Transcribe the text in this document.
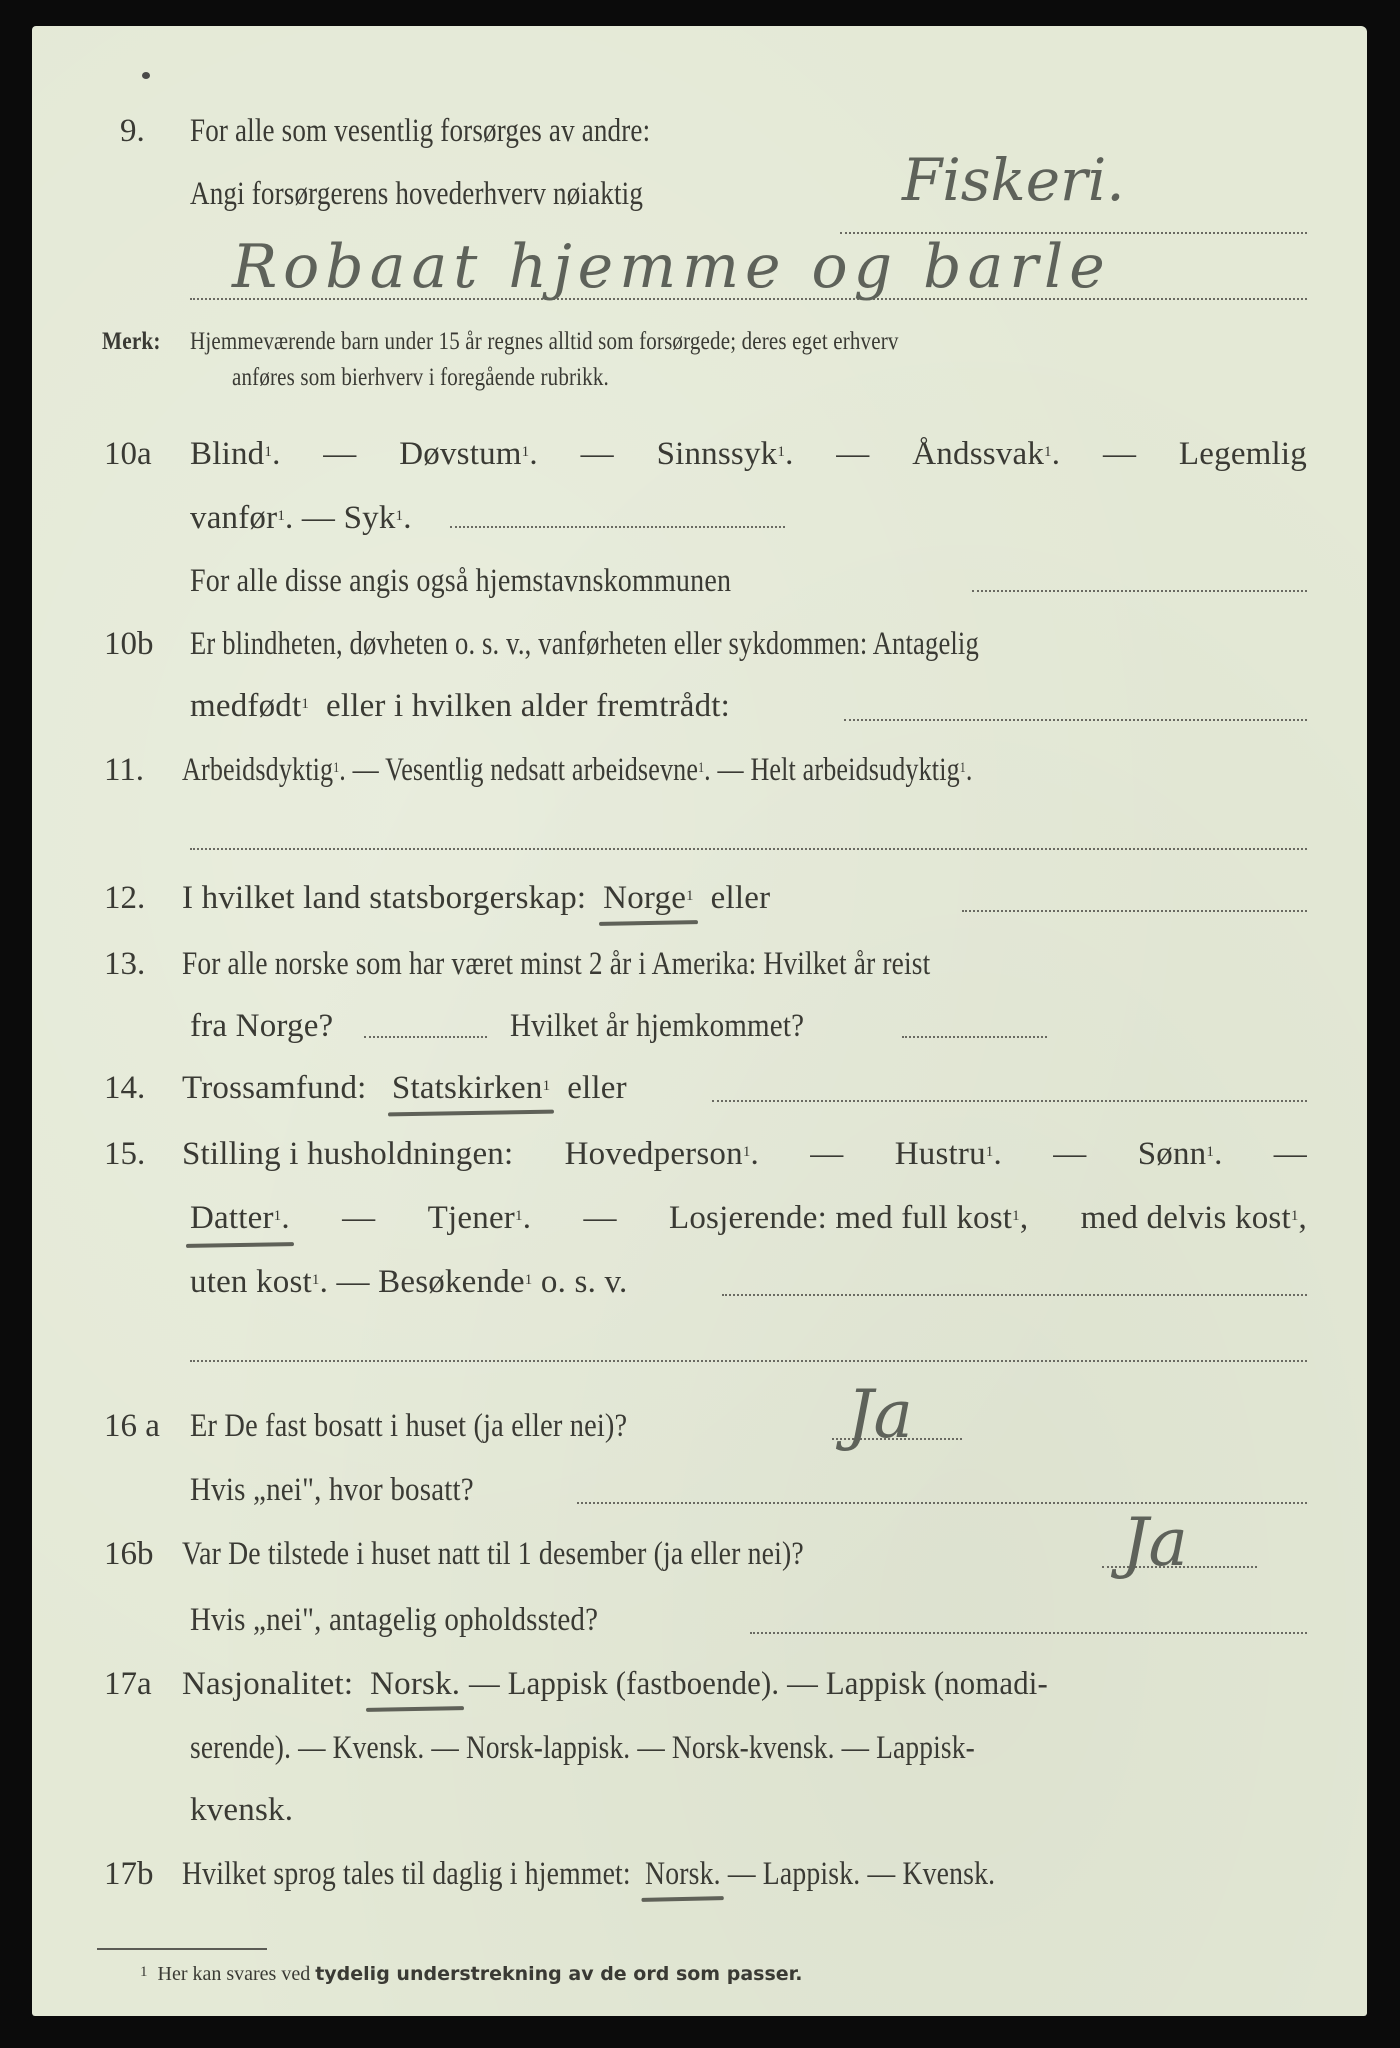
9. For alle som vesentlig forsørges av andre:
Angi forsørgerens hovederhverv nøiaktig	Fiskeri.
Robaat hjemme og barle
Merk: Hjemmeværende barn under 15 år regnes alltid som forsørgede; deres eget erhverv
anføres som bierhverv i foregående rubrikk.
10a Blind$^1$. — Døvstum$^1$. — Sinnssyk$^1$. — Åndssvak$^1$. — Legemlig
vanfør$^1$. — Syk$^1$.
For alle disse angis også hjemstavnskommunen
10b Er blindheten, døvheten o. s. v., vanførheten eller sykdommen: Antagelig
medfødt$^1$ eller i hvilken alder fremtrådt:
11. Arbeidsdyktig$^1$. — Vesentlig nedsatt arbeidsevne$^1$. — Helt arbeidsudyktig$^1$.
12. I hvilket land statsborgerskap: Norge$^1$ eller
13. For alle norske som har været minst 2 år i Amerika: Hvilket år reist
fra Norge?	Hvilket år hjemkommet?
14. Trossamfund: Statskirken$^1$ eller
15. Stilling i husholdningen: Hovedperson$^1$. — Hustru$^1$. — Sønn$^1$. —
Datter$^1$. — Tjener$^1$. — Losjerende: med full kost$^1$, med delvis kost$^1$,
uten kost$^1$. — Besøkende$^1$ o. s. v.
16 a Er De fast bosatt i huset (ja eller nei)?	Ja
Hvis „nei", hvor bosatt?
16b Var De tilstede i huset natt til 1 desember (ja eller nei)?	Ja
Hvis „nei", antagelig opholdssted?
17a Nasjonalitet: Norsk. — Lappisk (fastboende). — Lappisk (nomadi-
serende). — Kvensk. — Norsk-lappisk. — Norsk-kvensk. — Lappisk-
kvensk.
17b Hvilket sprog tales til daglig i hjemmet: Norsk. — Lappisk. — Kvensk.
$^1$ Her kan svares ved tydelig understrekning av de ord som passer.
